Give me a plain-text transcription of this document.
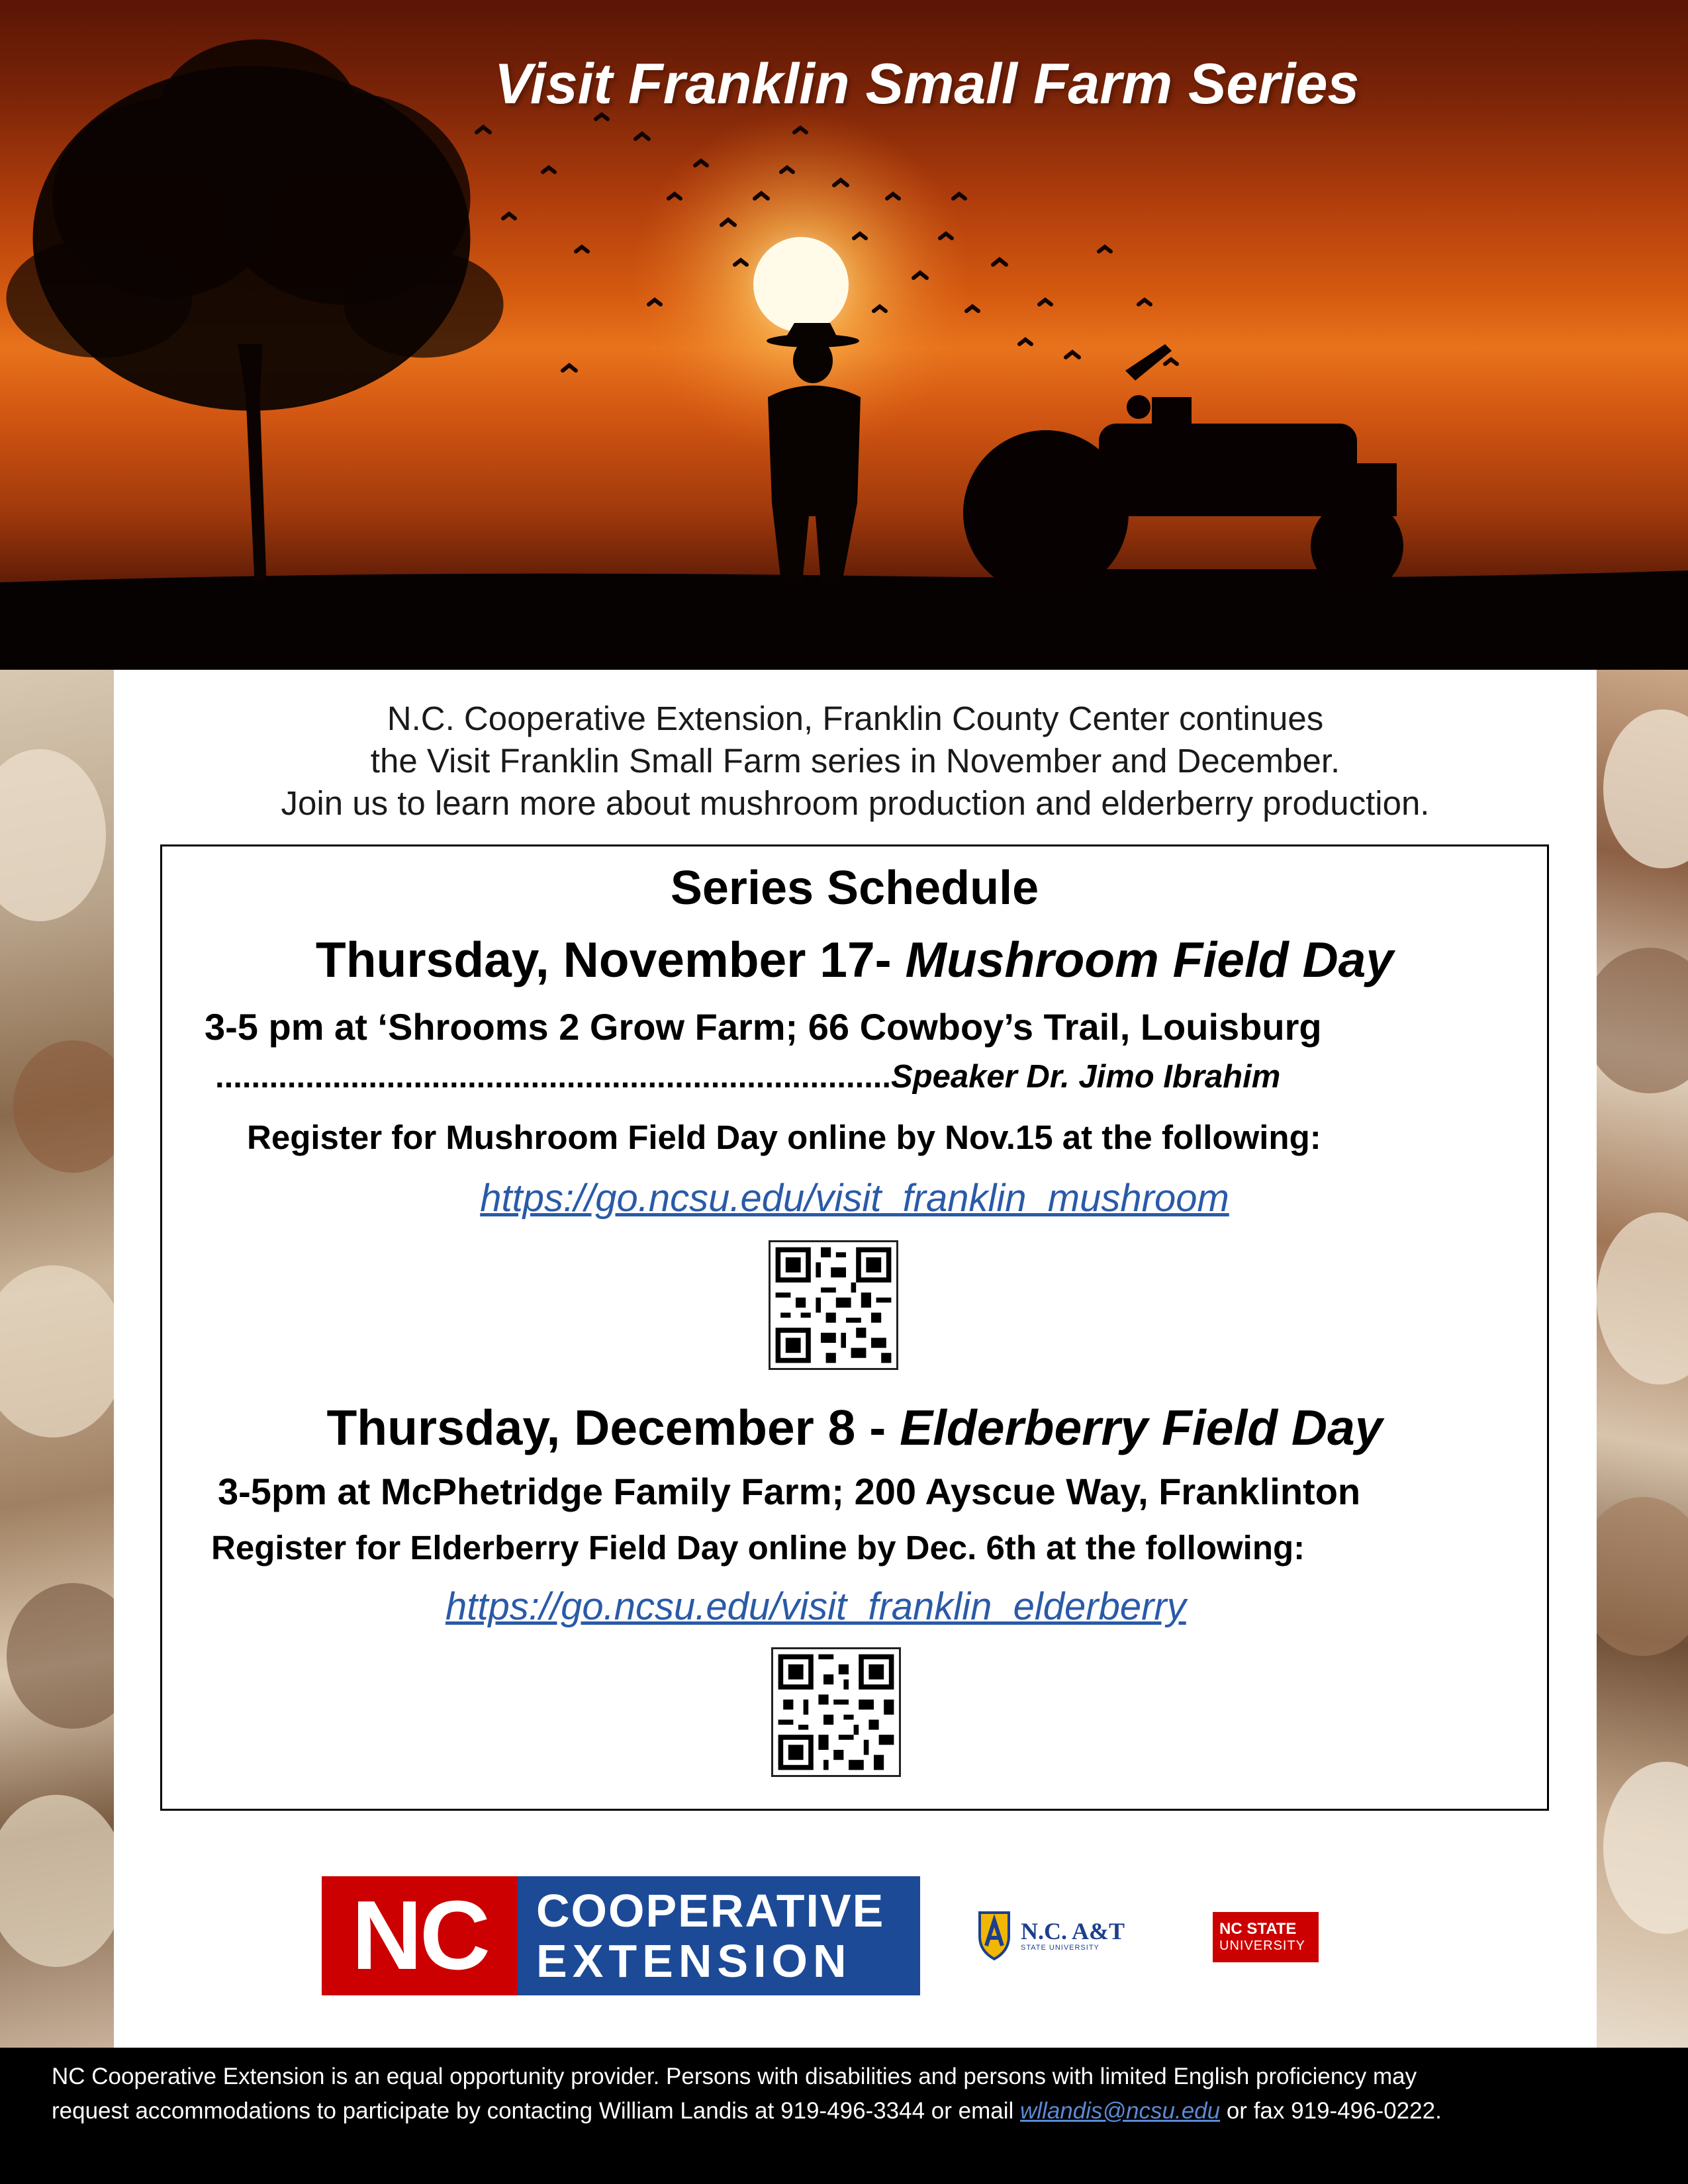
Visit Franklin Small Farm Series
N.C. Cooperative Extension, Franklin County Center continues
the Visit Franklin Small Farm series in November and December.
Join us to learn more about mushroom production and elderberry production.
Series Schedule
Thursday, November 17- Mushroom Field Day
3-5 pm at ‘Shrooms 2 Grow Farm; 66 Cowboy’s Trail, Louisburg
...........................................................................Speaker Dr. Jimo Ibrahim
Register for Mushroom Field Day online by Nov.15 at the following:
https://go.ncsu.edu/visit_franklin_mushroom
Thursday, December 8 - Elderberry Field Day
3-5pm at McPhetridge Family Farm; 200 Ayscue Way, Franklinton
Register for Elderberry Field Day online by Dec. 6th at the following:
https://go.ncsu.edu/visit_franklin_elderberry
NC	COOPERATIVE
EXTENSION
N.C. A&T
STATE UNIVERSITY
NC STATE
UNIVERSITY
NC Cooperative Extension is an equal opportunity provider. Persons with disabilities and persons with limited English proficiency may
request accommodations to participate by contacting William Landis at 919-496-3344 or email wllandis@ncsu.edu or fax 919-496-0222.
